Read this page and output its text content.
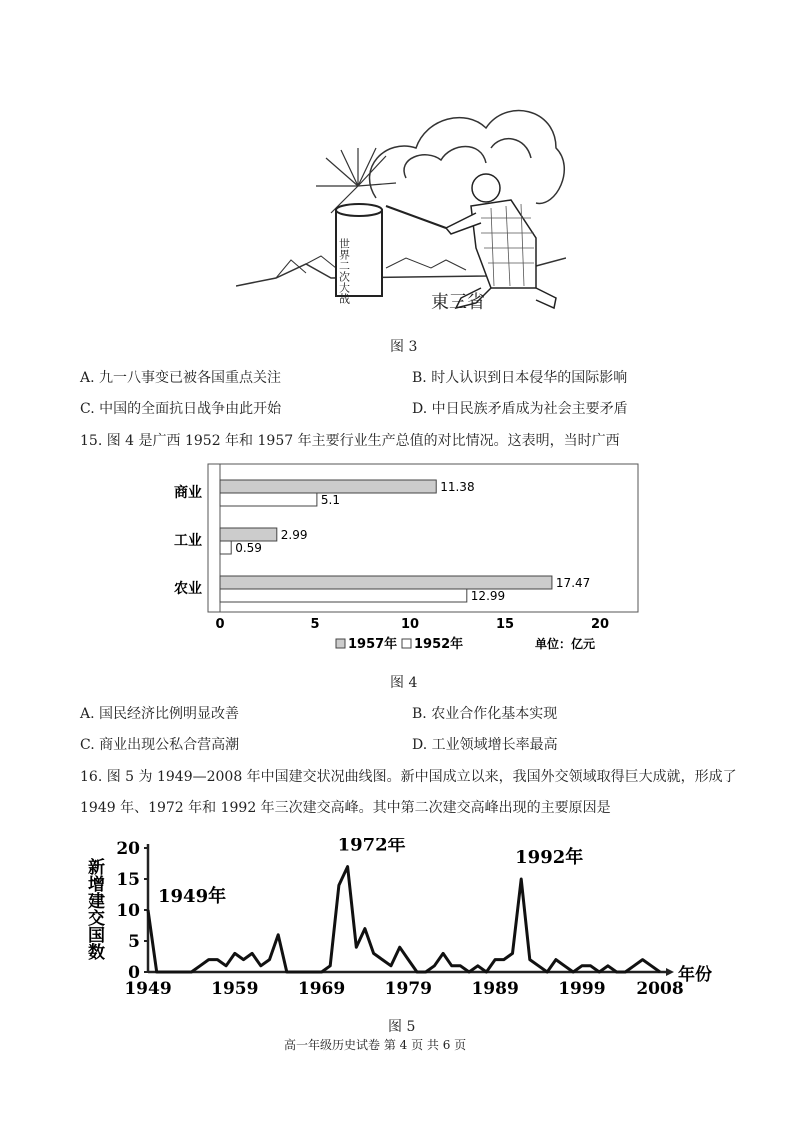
世界二次大战	東三省
图 3
A. 九一八事变已被各国重点关注	B. 时人认识到日本侵华的国际影响
C. 中国的全面抗日战争由此开始	D. 中日民族矛盾成为社会主要矛盾
15. 图 4 是广西 1952 年和 1957 年主要行业生产总值的对比情况。这表明，当时广西
商业	11.38
5.1
工业	2.99
0.59
农业	17.47
12.99
0	5	10	15	20
1957年 1952年	单位：亿元
图 4
A. 国民经济比例明显改善	B. 农业合作化基本实现
C. 商业出现公私合营高潮	D. 工业领域增长率最高
16. 图 5 为 1949—2008 年中国建交状况曲线图。新中国成立以来，我国外交领域取得巨大成就，形成了
1949 年、1972 年和 1992 年三次建交高峰。其中第二次建交高峰出现的主要原因是
新增建交国数
0
5
10
15
20
1949 1959 1969 1979 1989 1999 2008
年份
1949年
1972年
1992年
图 5
高一年级历史试卷 第 4 页 共 6 页
